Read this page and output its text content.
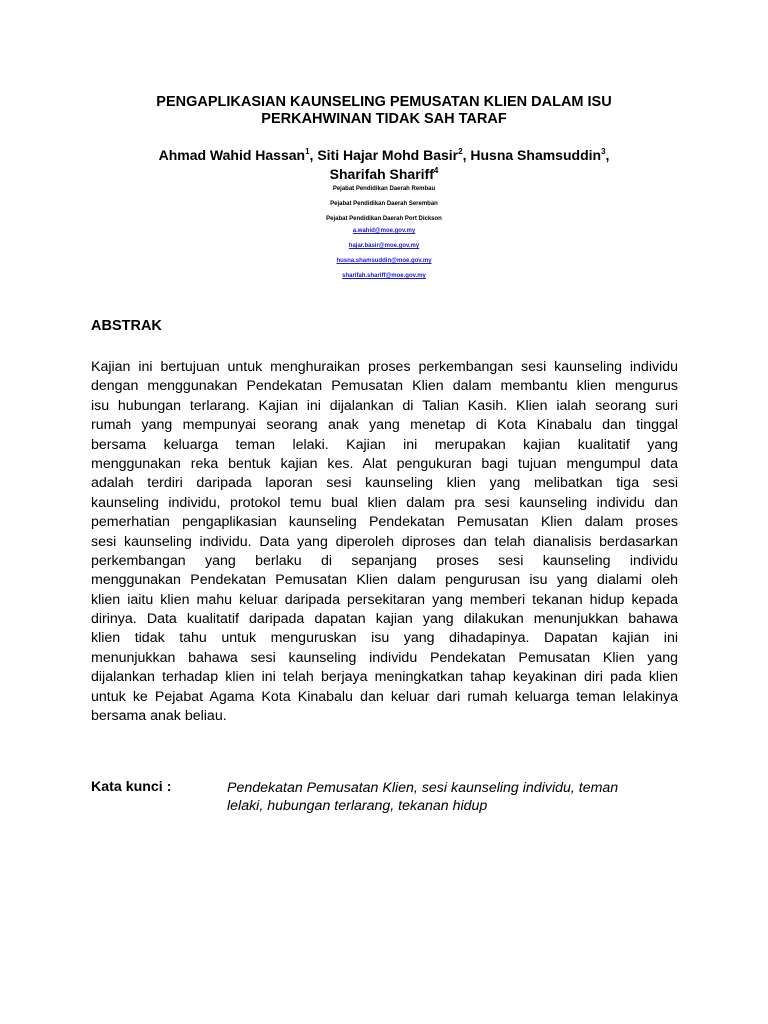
PENGAPLIKASIAN KAUNSELING PEMUSATAN KLIEN DALAM ISU
PERKAHWINAN TIDAK SAH TARAF
Ahmad Wahid Hassan$^1$, Siti Hajar Mohd Basir$^2$, Husna Shamsuddin$^3$,
Sharifah Shariff$^4$
Pejabat Pendidikan Daerah Rembau
Pejabat Pendidikan Daerah Seremban
Pejabat Pendidikan Daerah Port Dickson
a.wahid@moe.gov.my
hajar.basir@moe.gov.my
husna.shamsuddin@moe.gov.my
sharifah.shariff@moe.gov.my
ABSTRAK
Kajian ini bertujuan untuk menghuraikan proses perkembangan sesi kaunseling individu
dengan menggunakan Pendekatan Pemusatan Klien dalam membantu klien mengurus
isu hubungan terlarang. Kajian ini dijalankan di Talian Kasih. Klien ialah seorang suri
rumah yang mempunyai seorang anak yang menetap di Kota Kinabalu dan tinggal
bersama keluarga teman lelaki. Kajian ini merupakan kajian kualitatif yang
menggunakan reka bentuk kajian kes. Alat pengukuran bagi tujuan mengumpul data
adalah terdiri daripada laporan sesi kaunseling klien yang melibatkan tiga sesi
kaunseling individu, protokol temu bual klien dalam pra sesi kaunseling individu dan
pemerhatian pengaplikasian kaunseling Pendekatan Pemusatan Klien dalam proses
sesi kaunseling individu. Data yang diperoleh diproses dan telah dianalisis berdasarkan
perkembangan yang berlaku di sepanjang proses sesi kaunseling individu
menggunakan Pendekatan Pemusatan Klien dalam pengurusan isu yang dialami oleh
klien iaitu klien mahu keluar daripada persekitaran yang memberi tekanan hidup kepada
dirinya. Data kualitatif daripada dapatan kajian yang dilakukan menunjukkan bahawa
klien tidak tahu untuk menguruskan isu yang dihadapinya. Dapatan kajian ini
menunjukkan bahawa sesi kaunseling individu Pendekatan Pemusatan Klien yang
dijalankan terhadap klien ini telah berjaya meningkatkan tahap keyakinan diri pada klien
untuk ke Pejabat Agama Kota Kinabalu dan keluar dari rumah keluarga teman lelakinya
bersama anak beliau.
Kata kunci :	Pendekatan Pemusatan Klien, sesi kaunseling individu, teman
lelaki, hubungan terlarang, tekanan hidup
